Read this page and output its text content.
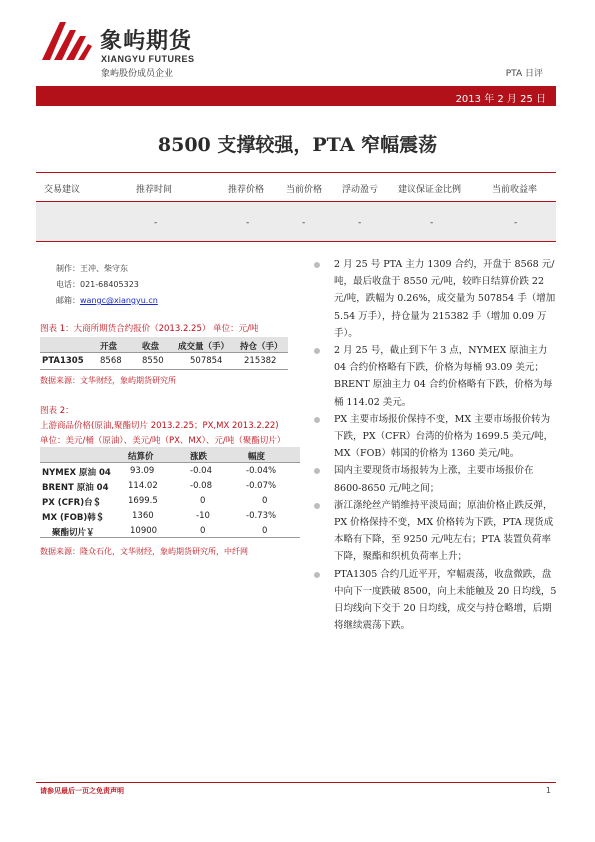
象屿期货
XIANGYU FUTURES
象屿股份成员企业	PTA 日评
2013 年 2 月 25 日
8500 支撑较强，PTA 窄幅震荡
交易建议	推荐时间	推荐价格 当前价格 浮动盈亏 建议保证金比例	当前收益率
-	-	-	-	-	-
制作：王冲、柴守东
电话：021-68405323
邮箱：wangc@xiangyu.cn
图表 1：大商所期货合约报价（2013.2.25） 单位：元/吨
开盘	收盘 成交量（手） 持仓（手）
PTA1305 8568 8550	507854	215382
数据来源：文华财经，象屿期货研究所
图表 2：
上游商品价格(原油,聚酯切片 2013.2.25；PX,MX 2013.2.22)
单位：美元/桶（原油）、美元/吨（PX、MX）、元/吨（聚酯切片）
结算价	涨跌	幅度
NYMEX 原油 04 93.09	-0.04	-0.04%
BRENT 原油 04 114.02	-0.08	-0.07%
PX (CFR)台＄	1699.5	0	0
MX (FOB)韩＄	1360	-10	-0.73%
聚酯切片￥	10900	0	0
数据来源：隆众石化，文华财经，象屿期货研究所，中纤网
2 月 25 号 PTA 主力 1309 合约，开盘于 8568 元/吨，最后收盘于 8550 元/吨，较昨日结算价跌 22 元/吨，跌幅为 0.26%，成交量为 507854 手（增加 5.54 万手），持仓量为 215382 手（增加 0.09 万手）。
2 月 25 号，截止到下午 3 点，NYMEX 原油主力 04 合约价格略有下跌，价格为每桶 93.09 美元；BRENT 原油主力 04 合约价格略有下跌，价格为每桶 114.02 美元。
PX 主要市场报价保持不变，MX 主要市场报价转为下跌，PX（CFR）台湾的价格为 1699.5 美元/吨，MX（FOB）韩国的价格为 1360 美元/吨。
国内主要现货市场报转为上涨，主要市场报价在 8600-8650 元/吨之间；
浙江涤纶丝产销维持平淡局面；原油价格止跌反弹，PX 价格保持不变，MX 价格转为下跌，PTA 现货成本略有下降，至 9250 元/吨左右；PTA 装置负荷率下降，聚酯和织机负荷率上升；
PTA1305 合约几近平开，窄幅震荡，收盘微跌，盘中向下一度跌破 8500，向上未能触及 20 日均线，5 日均线向下交于 20 日均线，成交与持仓略增，后期将继续震荡下跌。
请参见最后一页之免责声明	1
